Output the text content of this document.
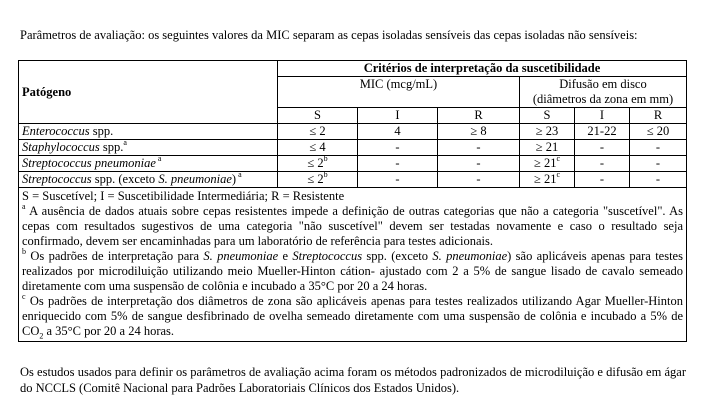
Parâmetros de avaliação: os seguintes valores da MIC separam as cepas isoladas sensíveis das cepas isoladas não sensíveis:
Patógeno	Critérios de interpretação da suscetibilidade					
	MIC (mcg/mL)			Difusão em disco
(diâmetros da zona em mm)		
	S	I	R	S	I	R
Enterococcus spp.	≤ 2	4	≥ 8	≥ 23	21-22	≤ 20
Staphylococcus spp.$^a$	≤ 4	-	-	≥ 21	-	-
Streptococcus pneumoniae $^a$	≤ $2^b$	-	-	≥ $21^c$	-	-
Streptococcus spp. (exceto S. pneumoniae) $^a$	≤ $2^b$	-	-	≥ $21^c$	-	-

S = Suscetível; I = Suscetibilidade Intermediária; R = Resistente
$^a$ A ausência de dados atuais sobre cepas resistentes impede a definição de outras categorias que não a categoria "suscetível". As cepas com resultados sugestivos de uma categoria "não suscetível" devem ser testadas novamente e caso o resultado seja confirmado, devem ser encaminhadas para um laboratório de referência para testes adicionais.
$^b$ Os padrões de interpretação para S. pneumoniae e Streptococcus spp. (exceto S. pneumoniae) são aplicáveis apenas para testes realizados por microdiluição utilizando meio Mueller-Hinton cátion- ajustado com 2 a 5% de sangue lisado de cavalo semeado diretamente com uma suspensão de colônia e incubado a 35°C por 20 a 24 horas.
$^c$ Os padrões de interpretação dos diâmetros de zona são aplicáveis apenas para testes realizados utilizando Agar Mueller-Hinton enriquecido com 5% de sangue desfibrinado de ovelha semeado diretamente com uma suspensão de colônia e incubado a 5% de $CO_2$ a 35°C por 20 a 24 horas.						
Os estudos usados para definir os parâmetros de avaliação acima foram os métodos padronizados de microdiluição e difusão em ágar do NCCLS (Comitê Nacional para Padrões Laboratoriais Clínicos dos Estados Unidos).
